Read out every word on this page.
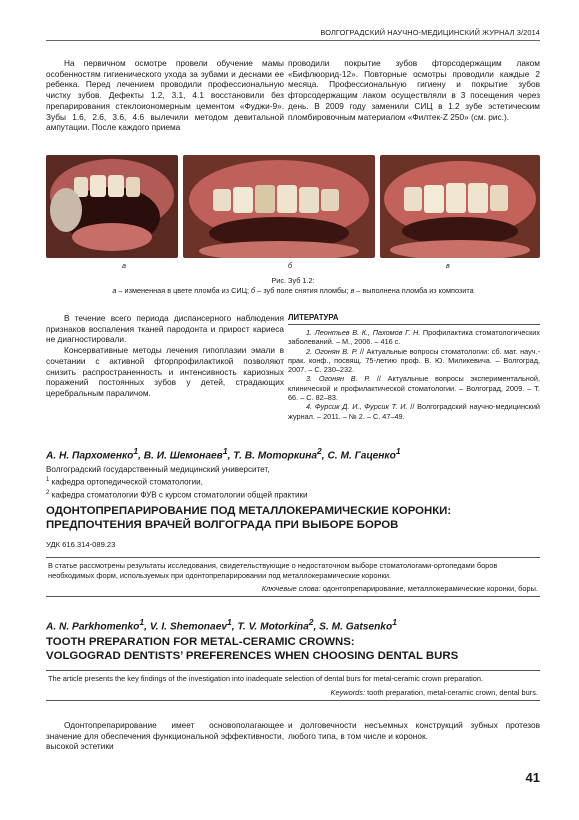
ВОЛГОГРАДСКИЙ НАУЧНО-МЕДИЦИНСКИЙ ЖУРНАЛ 3/2014

На первичном осмотре провели обучение мамы особенностям гигиенического ухода за зубами и деснами ее ребенка. Перед лечением проводили профессиональную чистку зубов. Дефекты 1.2, 3.1, 4.1 восстановили без препарирования стеклоиономерным цементом «Фуджи-9». Зубы 1.6, 2.6, 3.6, 4.6 вылечили методом девитальной ампутации. После каждого приема

проводили покрытие зубов фторсодержащим лаком «Бифлюорид-12». Повторные осмотры проводили каждые 2 месяца. Профессиональную гигиену и покрытие зубов фторсодержащим лаком осуществляли в 3 посещения через день. В 2009 году заменили СИЦ в 1.2 зубе эстетическим пломбировочным материалом «Филтек-Z 250» (см. рис.).

а	б	в
Рис. Зуб 1.2:
а – измененная в цвете пломба из СИЦ; б – зуб поле снятия пломбы; в – выполнена пломба из композита

В течение всего периода диспансерного наблюдения признаков воспаления тканей пародонта и прирост кариеса не диагностировали.

Консервативные методы лечения гипоплазии эмали в сочетании с активной фторпрофилактикой позволяют снизить распространенность и интенсивность кариозных поражений постоянных зубов у детей, страдающих церебральным параличом.

ЛИТЕРАТУРА

1. Леонтьев В. К., Пахомов Г. Н. Профилактика стоматологических заболеваний. – М., 2006. – 416 с.

2. Огонян В. Р. // Актуальные вопросы стоматологии: сб. мат. науч.-прак. конф., посвящ. 75-летию проф. В. Ю. Миликевича. – Волгоград, 2007. – С. 230–232.

3. Огонян В. Р. // Актуальные вопросы экспериментальной, клинической и профилактической стоматологии. – Волгоград, 2009. – Т. 66. – С. 82–83.

4. Фурсик Д. И., Фурсик Т. И. // Волгоградский научно-медицинский журнал. – 2011. – № 2. – С. 47–49.

А. Н. Пархоменко$^1$, В. И. Шемонаев$^1$, Т. В. Моторкина$^2$, С. М. Гаценко$^1$
Волгоградский государственный медицинский университет,
$^1$ кафедра ортопедической стоматологии,
$^2$ кафедра стоматологии ФУВ с курсом стоматологии общей практики
ОДОНТОПРЕПАРИРОВАНИЕ ПОД МЕТАЛЛОКЕРАМИЧЕСКИЕ КОРОНКИ:
ПРЕДПОЧТЕНИЯ ВРАЧЕЙ ВОЛГОГРАДА ПРИ ВЫБОРЕ БОРОВ
УДК 616.314-089.23
В статье рассмотрены результаты исследования, свидетельствующие о недостаточном выборе стоматологами-ортопедами боров необходимых форм, используемых при одонтопрепарировании под металлокерамические коронки.
Ключевые слова: одонтопрепарирование, металлокерамические коронки, боры.
A. N. Parkhomenko$^1$, V. I. Shemonaev$^1$, T. V. Motorkina$^2$, S. M. Gatsenko$^1$
TOOTH PREPARATION FOR METAL-CERAMIC CROWNS:
VOLGOGRAD DENTISTS’ PREFERENCES WHEN CHOOSING DENTAL BURS
The article presents the key findings of the investigation into inadequate selection of dental burs for metal-ceramic crown preparation.
Keywords: tooth preparation, metal-ceramic crown, dental burs.

Одонтопрепарирование имеет основополагающее значение для обеспечения функциональной эффективности, высокой эстетики

и долговечности несъемных конструкций зубных протезов любого типа, в том числе и коронок.

41
